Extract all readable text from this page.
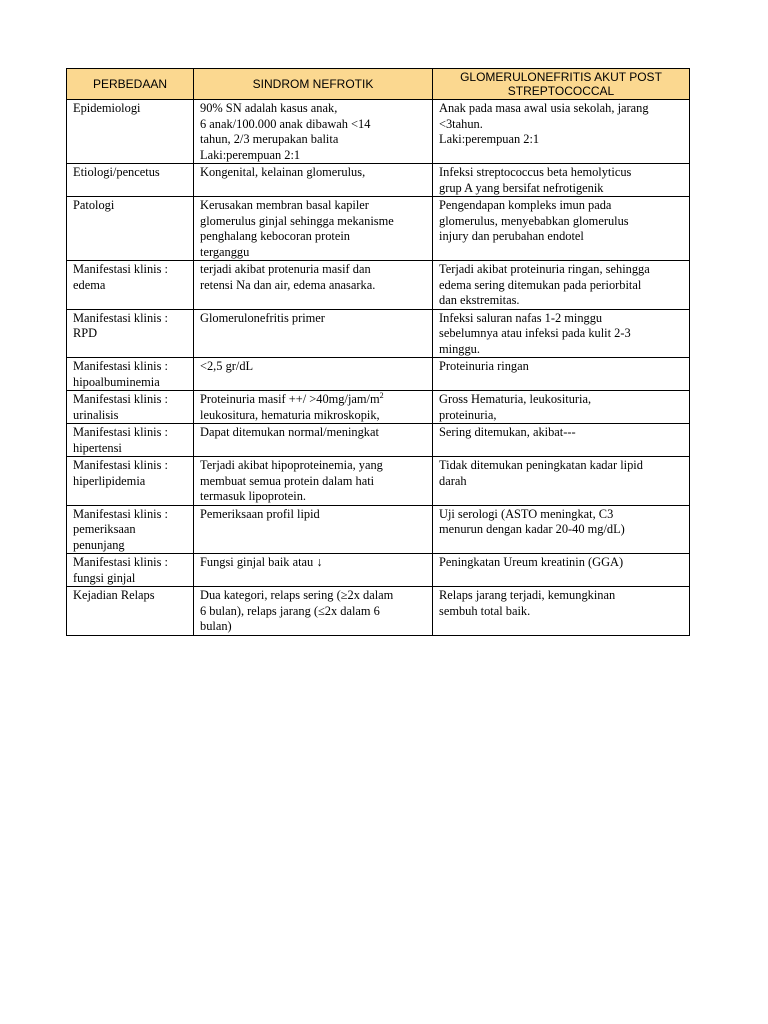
PERBEDAAN	SINDROM NEFROTIK	GLOMERULONEFRITIS AKUT POST STREPTOCOCCAL

Epidemiologi	90% SN adalah kasus anak,
6 anak/100.000 anak dibawah <14
tahun, 2/3 merupakan balita
Laki:perempuan 2:1	Anak pada masa awal usia sekolah, jarang
<3tahun.
Laki:perempuan 2:1

Etiologi/pencetus	Kongenital, kelainan glomerulus,	Infeksi streptococcus beta hemolyticus
grup A yang bersifat nefrotigenik

Patologi	Kerusakan membran basal kapiler
glomerulus ginjal sehingga mekanisme
penghalang kebocoran protein
terganggu	Pengendapan kompleks imun pada
glomerulus, menyebabkan glomerulus
injury dan perubahan endotel

Manifestasi klinis :
edema	terjadi akibat protenuria masif dan
retensi Na dan air, edema anasarka.	Terjadi akibat proteinuria ringan, sehingga
edema sering ditemukan pada periorbital
dan ekstremitas.

Manifestasi klinis :
RPD	Glomerulonefritis primer	Infeksi saluran nafas 1-2 minggu
sebelumnya atau infeksi pada kulit 2-3
minggu.

Manifestasi klinis :
hipoalbuminemia	<2,5 gr/dL	Proteinuria ringan

Manifestasi klinis :
urinalisis	Proteinuria masif ++/ $>40mg/jam/m^2$
leukositura, hematuria mikroskopik,	Gross Hematuria, leukosituria,
proteinuria,

Manifestasi klinis :
hipertensi	Dapat ditemukan normal/meningkat	Sering ditemukan, akibat---

Manifestasi klinis :
hiperlipidemia	Terjadi akibat hipoproteinemia, yang
membuat semua protein dalam hati
termasuk lipoprotein.	Tidak ditemukan peningkatan kadar lipid
darah

Manifestasi klinis :
pemeriksaan
penunjang	Pemeriksaan profil lipid	Uji serologi (ASTO meningkat, C3
menurun dengan kadar 20-40 mg/dL)

Manifestasi klinis :
fungsi ginjal	Fungsi ginjal baik atau ↓	Peningkatan Ureum kreatinin (GGA)

Kejadian Relaps	Dua kategori, relaps sering (≥2x dalam
6 bulan), relaps jarang (≤2x dalam 6
bulan)	Relaps jarang terjadi, kemungkinan
sembuh total baik.
